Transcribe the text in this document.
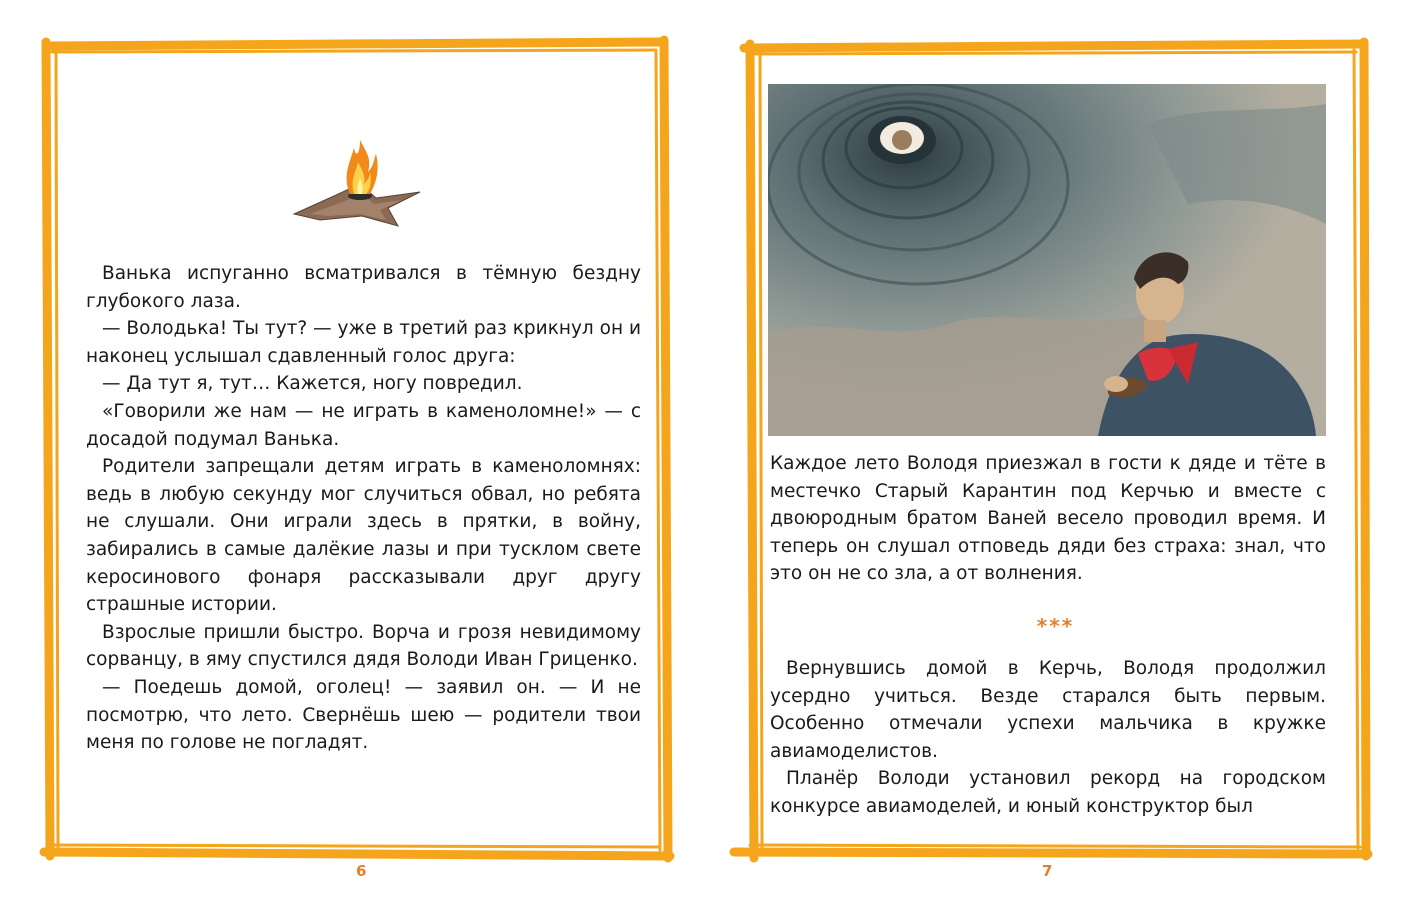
Ванька испуганно всматривался в тёмную бездну глубокого лаза.

— Володька! Ты тут? — уже в третий раз крикнул он и наконец услышал сдавленный голос друга:

— Да тут я, тут… Кажется, ногу повредил.

«Говорили же нам — не играть в каменоломне!» — с досадой подумал Ванька.

Родители запрещали детям играть в каменоломнях: ведь в любую секунду мог случиться обвал, но ребята не слушали. Они играли здесь в прятки, в войну, забирались в самые далёкие лазы и при тусклом свете керосинового фонаря рассказывали друг другу страшные истории.

Взрослые пришли быстро. Ворча и грозя невидимому сорванцу, в яму спустился дядя Володи Иван Гриценко.

— Поедешь домой, оголец! — заявил он. — И не посмотрю, что лето. Свернёшь шею — родители твои меня по голове не погладят.

6

Каждое лето Володя приезжал в гости к дяде и тёте в местечко Старый Карантин под Керчью и вместе с двоюродным братом Ваней весело проводил время. И теперь он слушал отповедь дяди без страха: знал, что это он не со зла, а от волнения.

***

Вернувшись домой в Керчь, Володя продолжил усердно учиться. Везде старался быть первым. Особенно отмечали успехи мальчика в кружке авиамоделистов.

Планёр Володи установил рекорд на городском конкурсе авиамоделей, и юный конструктор был

7
